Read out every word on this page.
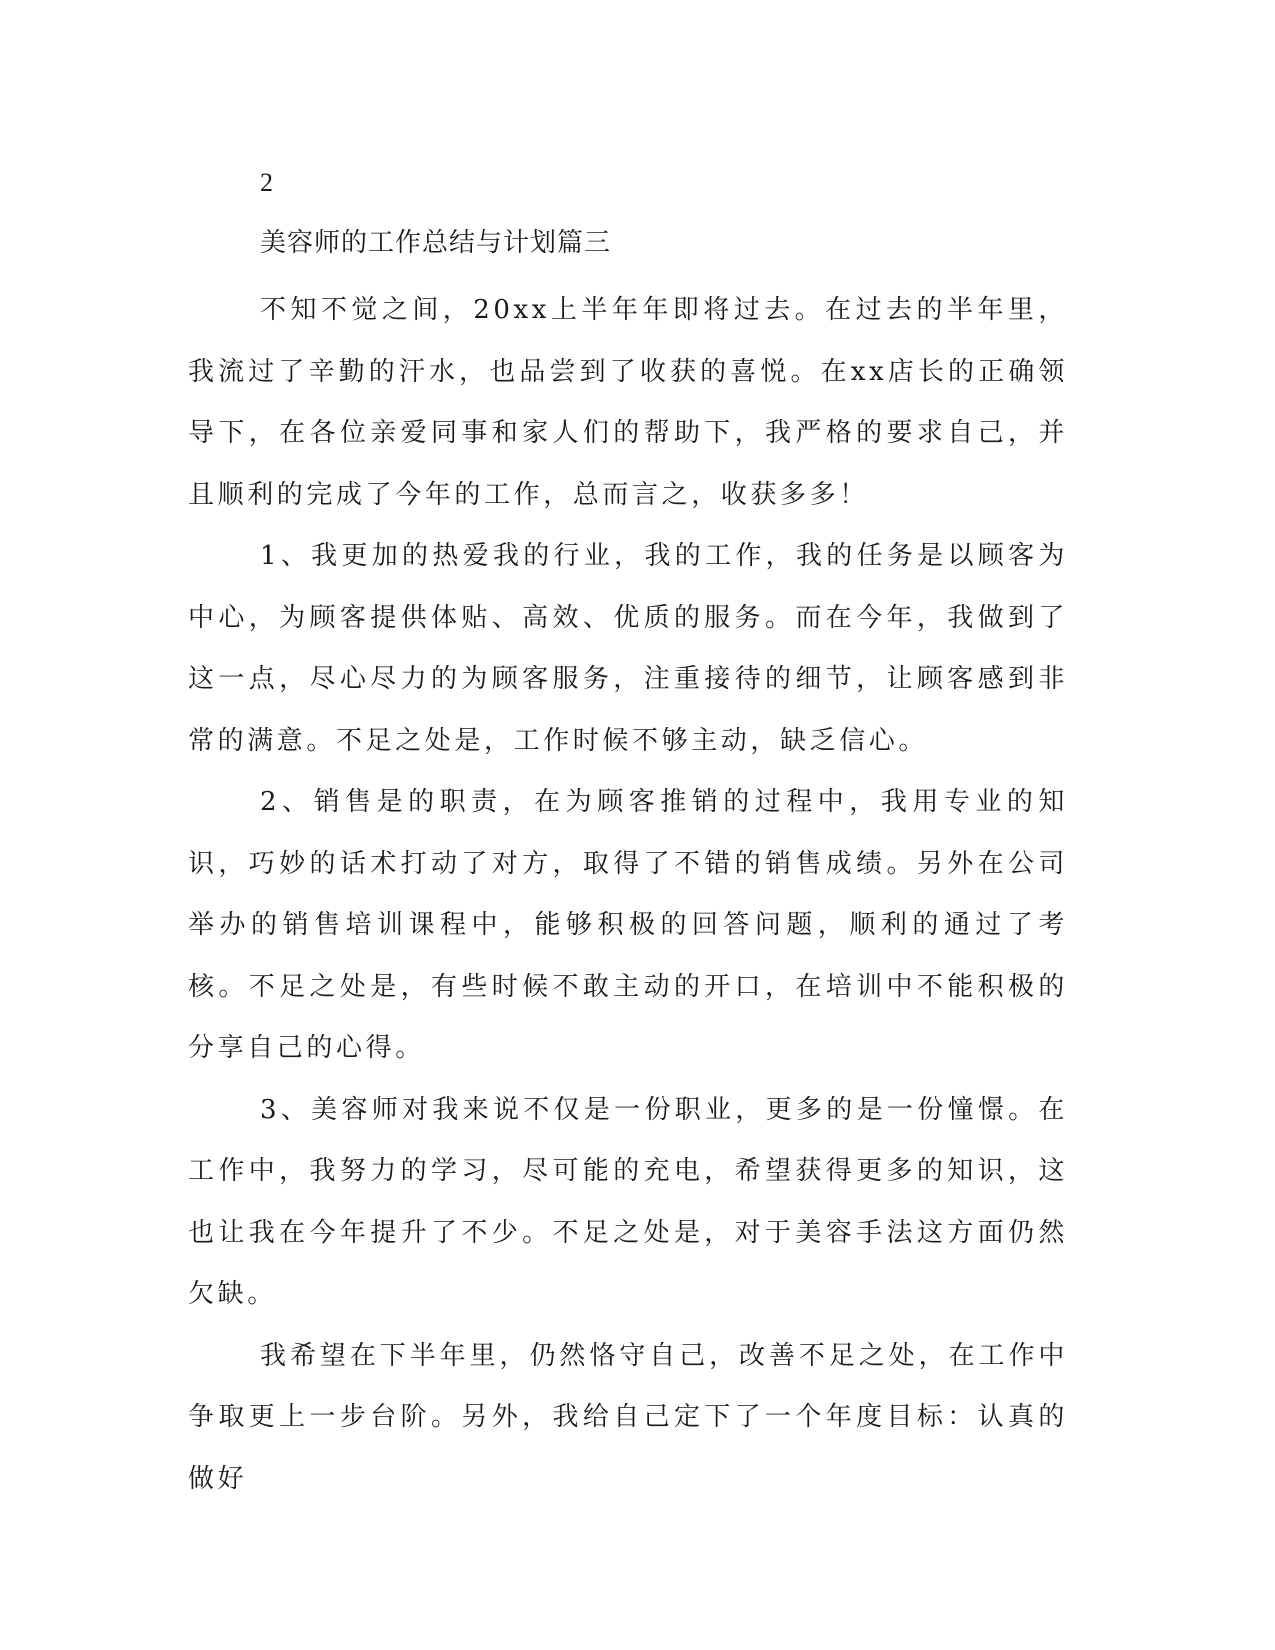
2
美容师的工作总结与计划篇三

不知不觉之间，20xx上半年年即将过去。在过去的半年里，我流过了辛勤的汗水，也品尝到了收获的喜悦。在xx店长的正确领导下，在各位亲爱同事和家人们的帮助下，我严格的要求自己，并且顺利的完成了今年的工作，总而言之，收获多多！

1、我更加的热爱我的行业，我的工作，我的任务是以顾客为中心，为顾客提供体贴、高效、优质的服务。而在今年，我做到了这一点，尽心尽力的为顾客服务，注重接待的细节，让顾客感到非常的满意。不足之处是，工作时候不够主动，缺乏信心。

2、销售是的职责，在为顾客推销的过程中，我用专业的知识，巧妙的话术打动了对方，取得了不错的销售成绩。另外在公司举办的销售培训课程中，能够积极的回答问题，顺利的通过了考核。不足之处是，有些时候不敢主动的开口，在培训中不能积极的分享自己的心得。

3、美容师对我来说不仅是一份职业，更多的是一份憧憬。在工作中，我努力的学习，尽可能的充电，希望获得更多的知识，这也让我在今年提升了不少。不足之处是，对于美容手法这方面仍然欠缺。

我希望在下半年里，仍然恪守自己，改善不足之处，在工作中争取更上一步台阶。另外，我给自己定下了一个年度目标：认真的做好
